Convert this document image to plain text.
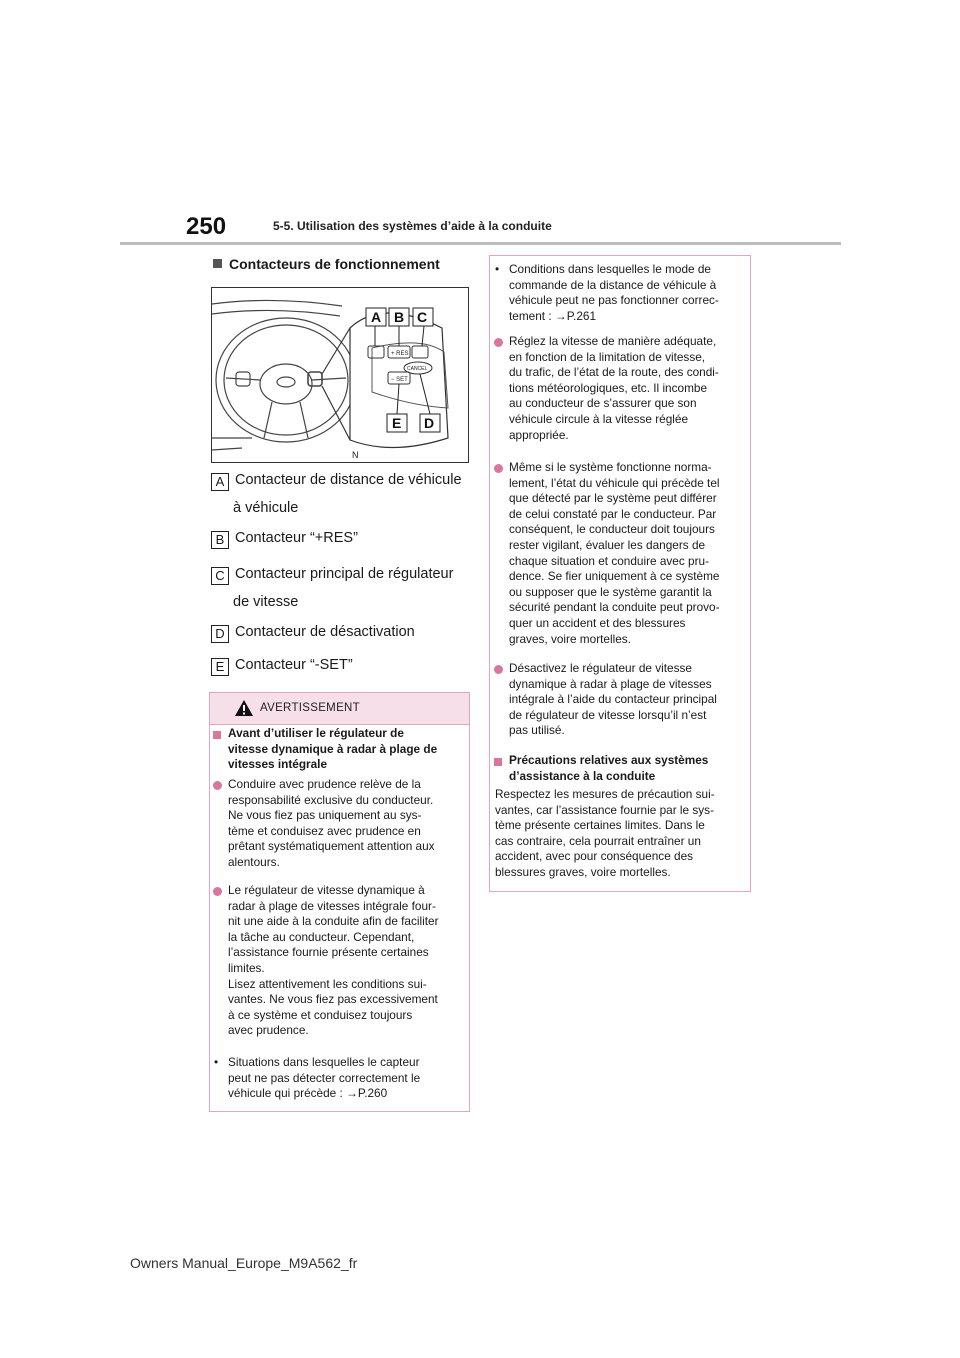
250	5-5. Utilisation des systèmes d’aide à la conduite
Contacteurs de fonctionnement
+ RES
CANCEL
− SET
A B C
E D
N
A Contacteur de distance de véhicule
à véhicule
B Contacteur “+RES”
C Contacteur principal de régulateur
de vitesse
D Contacteur de désactivation
E Contacteur “-SET”
AVERTISSEMENT
Avant d’utiliser le régulateur de
vitesse dynamique à radar à plage de
vitesses intégrale
Conduire avec prudence relève de la
responsabilité exclusive du conducteur.
Ne vous fiez pas uniquement au sys-
tème et conduisez avec prudence en
prêtant systématiquement attention aux
alentours.
Le régulateur de vitesse dynamique à
radar à plage de vitesses intégrale four-
nit une aide à la conduite afin de faciliter
la tâche au conducteur. Cependant,
l’assistance fournie présente certaines
limites.
Lisez attentivement les conditions sui-
vantes. Ne vous fiez pas excessivement
à ce système et conduisez toujours
avec prudence.
• Situations dans lesquelles le capteur
peut ne pas détecter correctement le
véhicule qui précède : →P.260
• Conditions dans lesquelles le mode de
commande de la distance de véhicule à
véhicule peut ne pas fonctionner correc-
tement : →P.261
Réglez la vitesse de manière adéquate,
en fonction de la limitation de vitesse,
du trafic, de l’état de la route, des condi-
tions météorologiques, etc. Il incombe
au conducteur de s’assurer que son
véhicule circule à la vitesse réglée
appropriée.
Même si le système fonctionne norma-
lement, l’état du véhicule qui précède tel
que détecté par le système peut différer
de celui constaté par le conducteur. Par
conséquent, le conducteur doit toujours
rester vigilant, évaluer les dangers de
chaque situation et conduire avec pru-
dence. Se fier uniquement à ce système
ou supposer que le système garantit la
sécurité pendant la conduite peut provo-
quer un accident et des blessures
graves, voire mortelles.
Désactivez le régulateur de vitesse
dynamique à radar à plage de vitesses
intégrale à l’aide du contacteur principal
de régulateur de vitesse lorsqu’il n’est
pas utilisé.
Précautions relatives aux systèmes
d’assistance à la conduite
Respectez les mesures de précaution sui-
vantes, car l’assistance fournie par le sys-
tème présente certaines limites. Dans le
cas contraire, cela pourrait entraîner un
accident, avec pour conséquence des
blessures graves, voire mortelles.
Owners Manual_Europe_M9A562_fr
